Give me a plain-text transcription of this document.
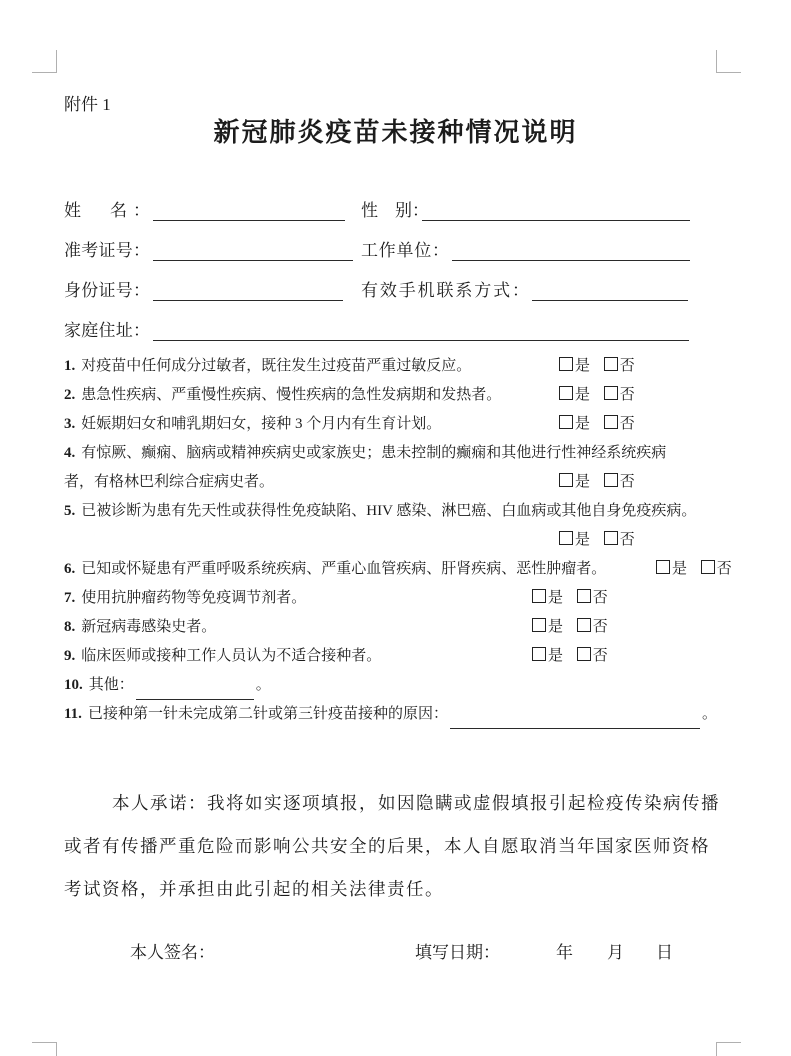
附件 1
新冠肺炎疫苗未接种情况说明
姓　名：	性　别：
准考证号：	工作单位：
身份证号：	有效手机联系方式：
家庭住址：
1. 对疫苗中任何成分过敏者，既往发生过疫苗严重过敏反应。	是 否
2. 患急性疾病、严重慢性疾病、慢性疾病的急性发病期和发热者。	是 否
3. 妊娠期妇女和哺乳期妇女，接种 3 个月内有生育计划。	是 否
4. 有惊厥、癫痫、脑病或精神疾病史或家族史；患未控制的癫痫和其他进行性神经系统疾病
者，有格林巴利综合症病史者。	是 否
5. 已被诊断为患有先天性或获得性免疫缺陷、HIV 感染、淋巴癌、白血病或其他自身免疫疾病。
是 否
6. 已知或怀疑患有严重呼吸系统疾病、严重心血管疾病、肝肾疾病、恶性肿瘤者。	是 否
7. 使用抗肿瘤药物等免疫调节剂者。	是 否
8. 新冠病毒感染史者。	是 否
9. 临床医师或接种工作人员认为不适合接种者。	是 否
10. 其他：	。
11. 已接种第一针未完成第二针或第三针疫苗接种的原因：	。
本人承诺：我将如实逐项填报，如因隐瞒或虚假填报引起检疫传染病传播
或者有传播严重危险而影响公共安全的后果，本人自愿取消当年国家医师资格
考试资格，并承担由此引起的相关法律责任。
本人签名：	填写日期：	年 月 日
